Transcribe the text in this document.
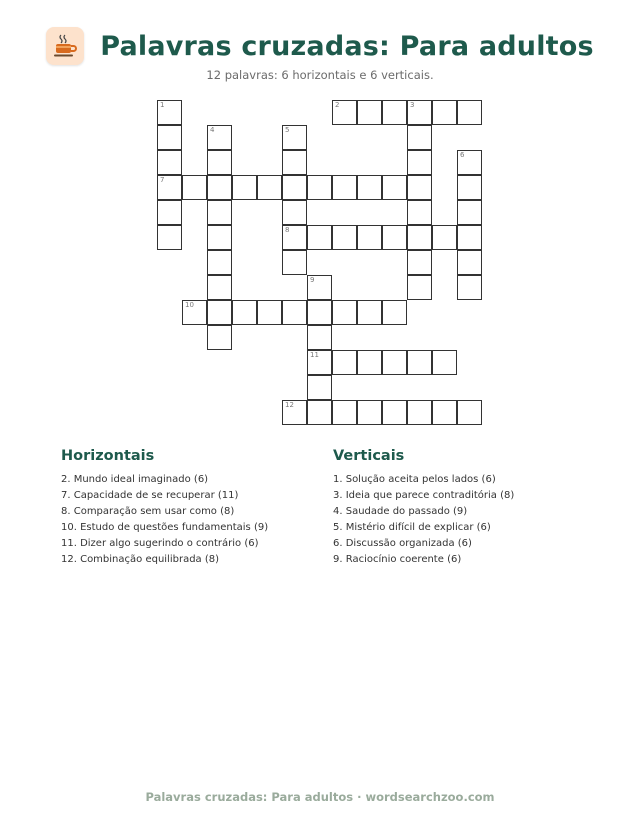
Palavras cruzadas: Para adultos
12 palavras: 6 horizontais e 6 verticais.
1
7
2	3
4	5
8
6
9
11
10
12
Horizontais
2. Mundo ideal imaginado (6)
7. Capacidade de se recuperar (11)
8. Comparação sem usar como (8)
10. Estudo de questões fundamentais (9)
11. Dizer algo sugerindo o contrário (6)
12. Combinação equilibrada (8)
Verticais
1. Solução aceita pelos lados (6)
3. Ideia que parece contraditória (8)
4. Saudade do passado (9)
5. Mistério difícil de explicar (6)
6. Discussão organizada (6)
9. Raciocínio coerente (6)
Palavras cruzadas: Para adultos · wordsearchzoo.com
